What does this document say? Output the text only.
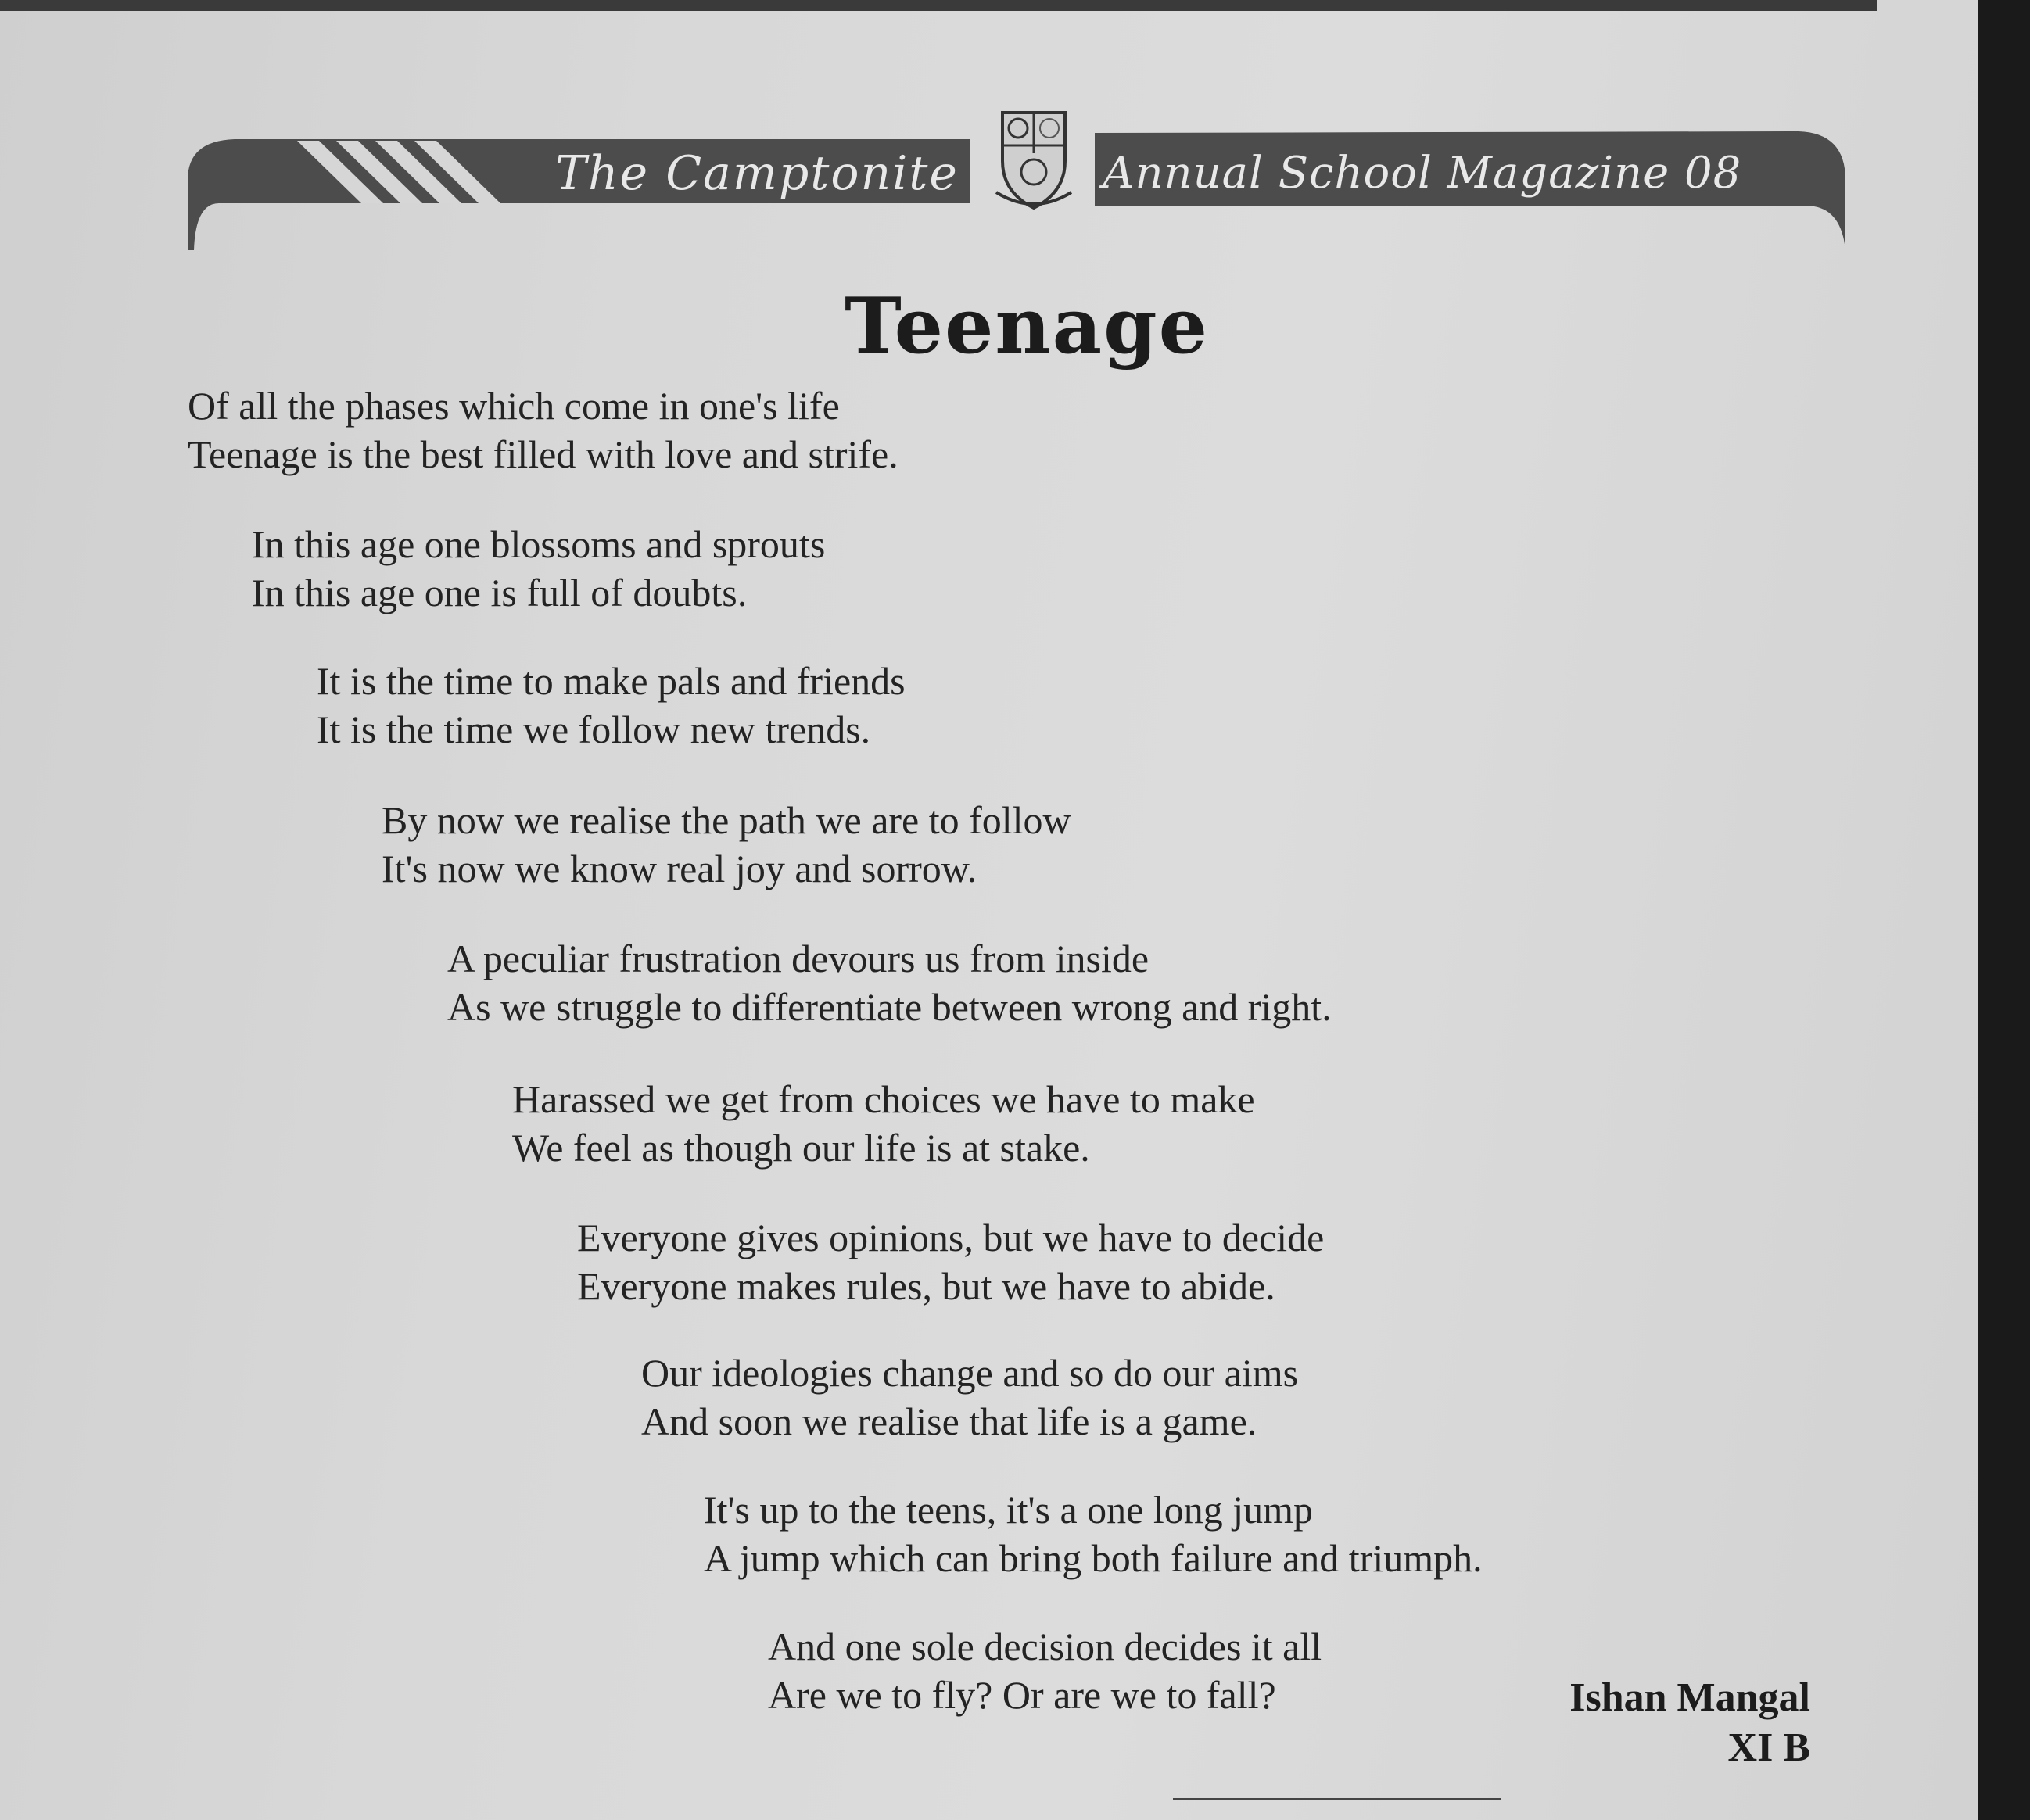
The Camptonite	Annual School Magazine 08
Teenage
Of all the phases which come in one's life
Teenage is the best filled with love and strife.
In this age one blossoms and sprouts
In this age one is full of doubts.
It is the time to make pals and friends
It is the time we follow new trends.
By now we realise the path we are to follow
It's now we know real joy and sorrow.
A peculiar frustration devours us from inside
As we struggle to differentiate between wrong and right.
Harassed we get from choices we have to make
We feel as though our life is at stake.
Everyone gives opinions, but we have to decide
Everyone makes rules, but we have to abide.
Our ideologies change and so do our aims
And soon we realise that life is a game.
It's up to the teens, it's a one long jump
A jump which can bring both failure and triumph.
And one sole decision decides it all
Are we to fly? Or are we to fall?	Ishan Mangal
XI B
